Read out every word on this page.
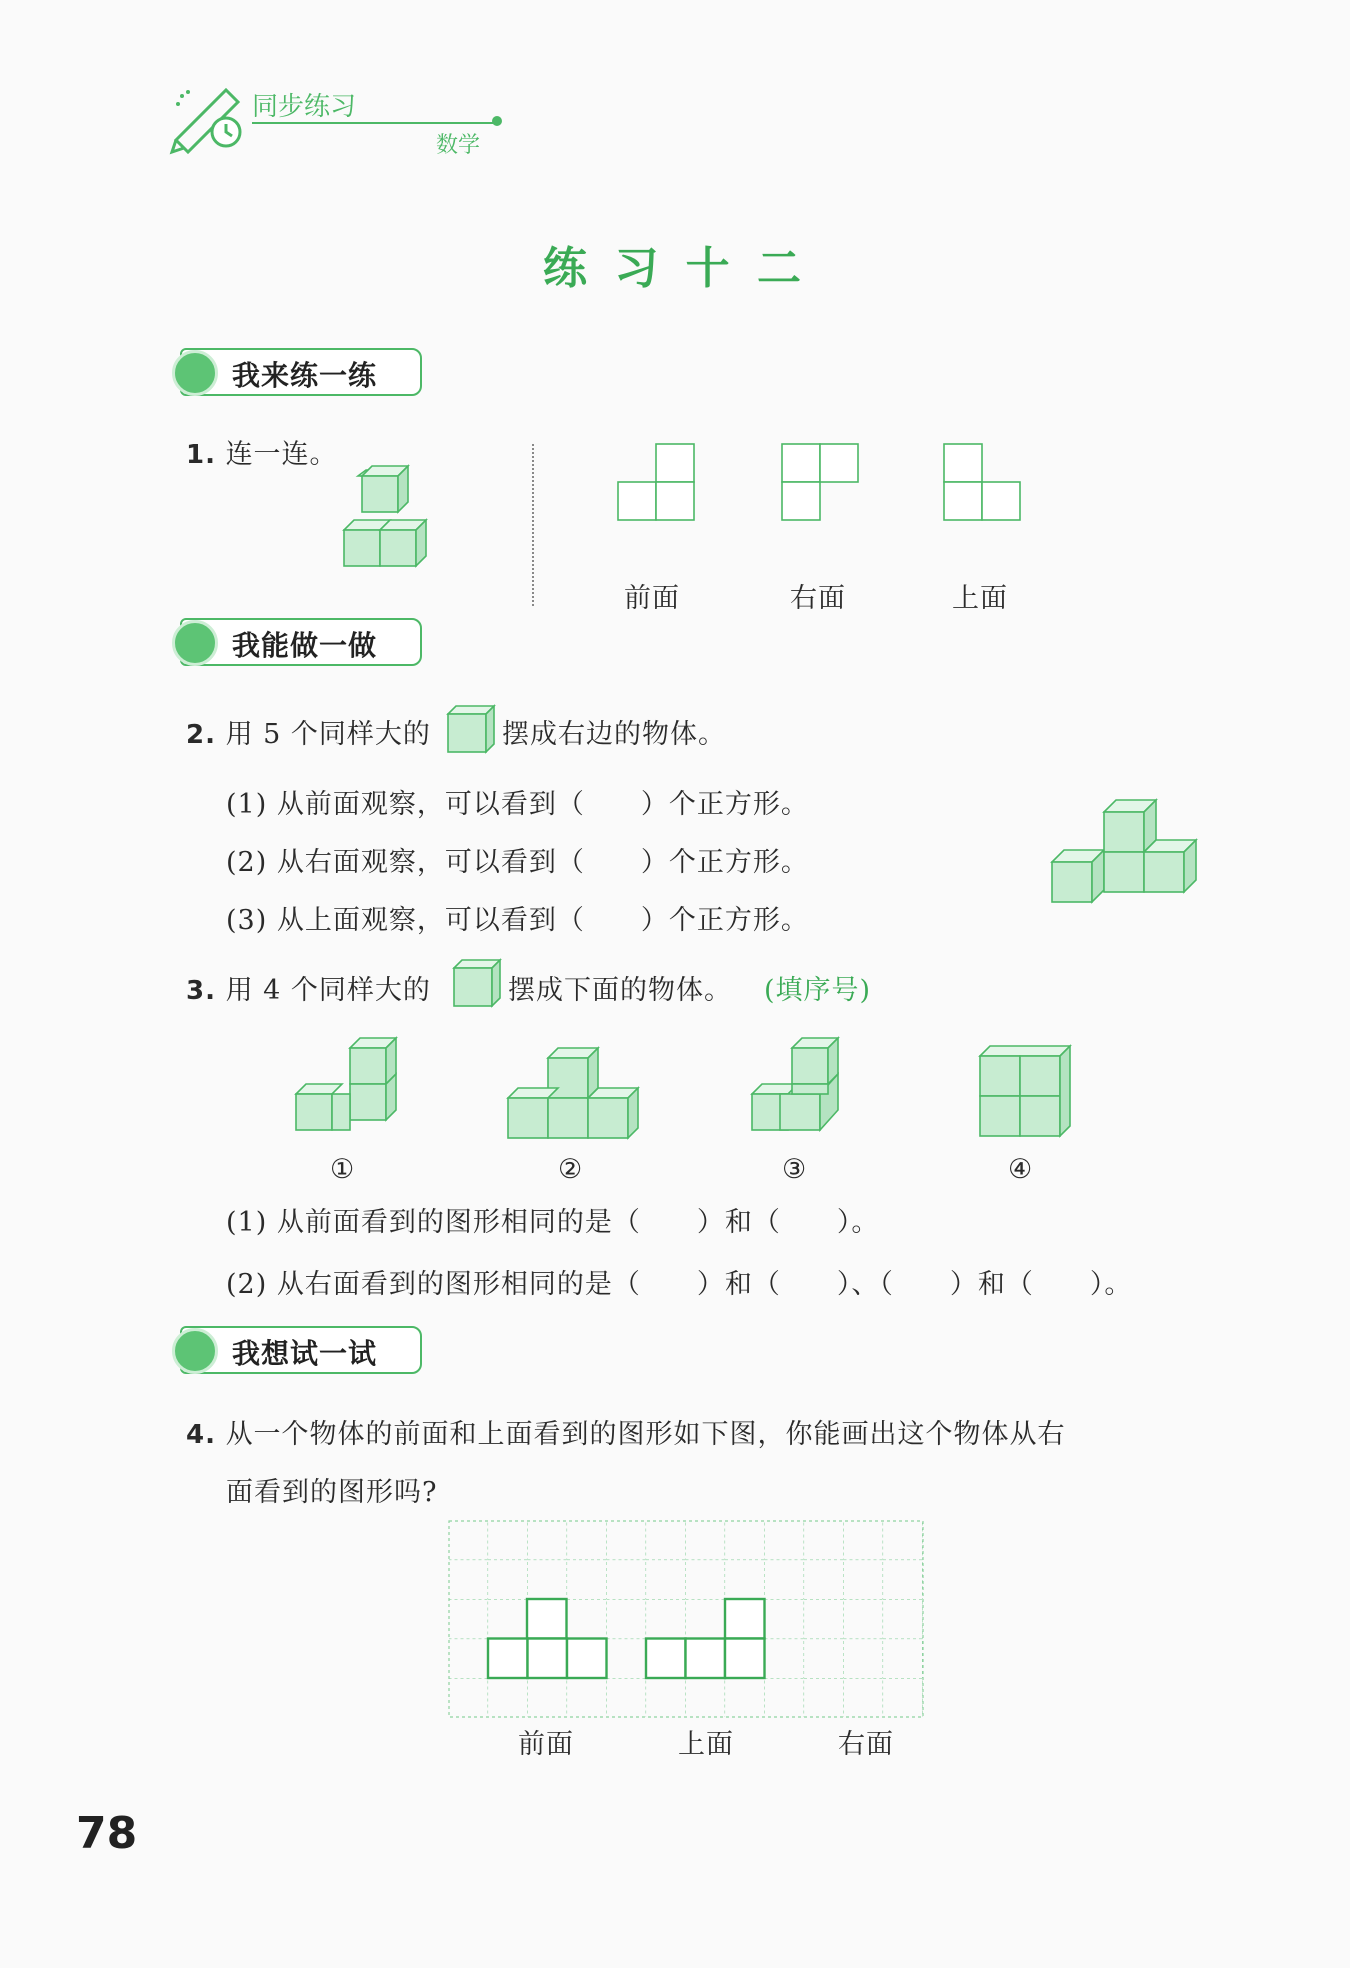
同步练习
数学
练 习 十 二
我来练一练
1. 连一连。
前面	右面	上面
我能做一做
2. 用 5 个同样大的	摆成右边的物体。
(1) 从前面观察，可以看到（　　）个正方形。
(2) 从右面观察，可以看到（　　）个正方形。
(3) 从上面观察，可以看到（　　）个正方形。
3. 用 4 个同样大的	摆成下面的物体。 (填序号)
①	②	③	④
(1) 从前面看到的图形相同的是（　　）和（　　）。
(2) 从右面看到的图形相同的是（　　）和（　　）、（　　）和（　　）。
我想试一试
4. 从一个物体的前面和上面看到的图形如下图，你能画出这个物体从右
面看到的图形吗?
前面	上面	右面
78
